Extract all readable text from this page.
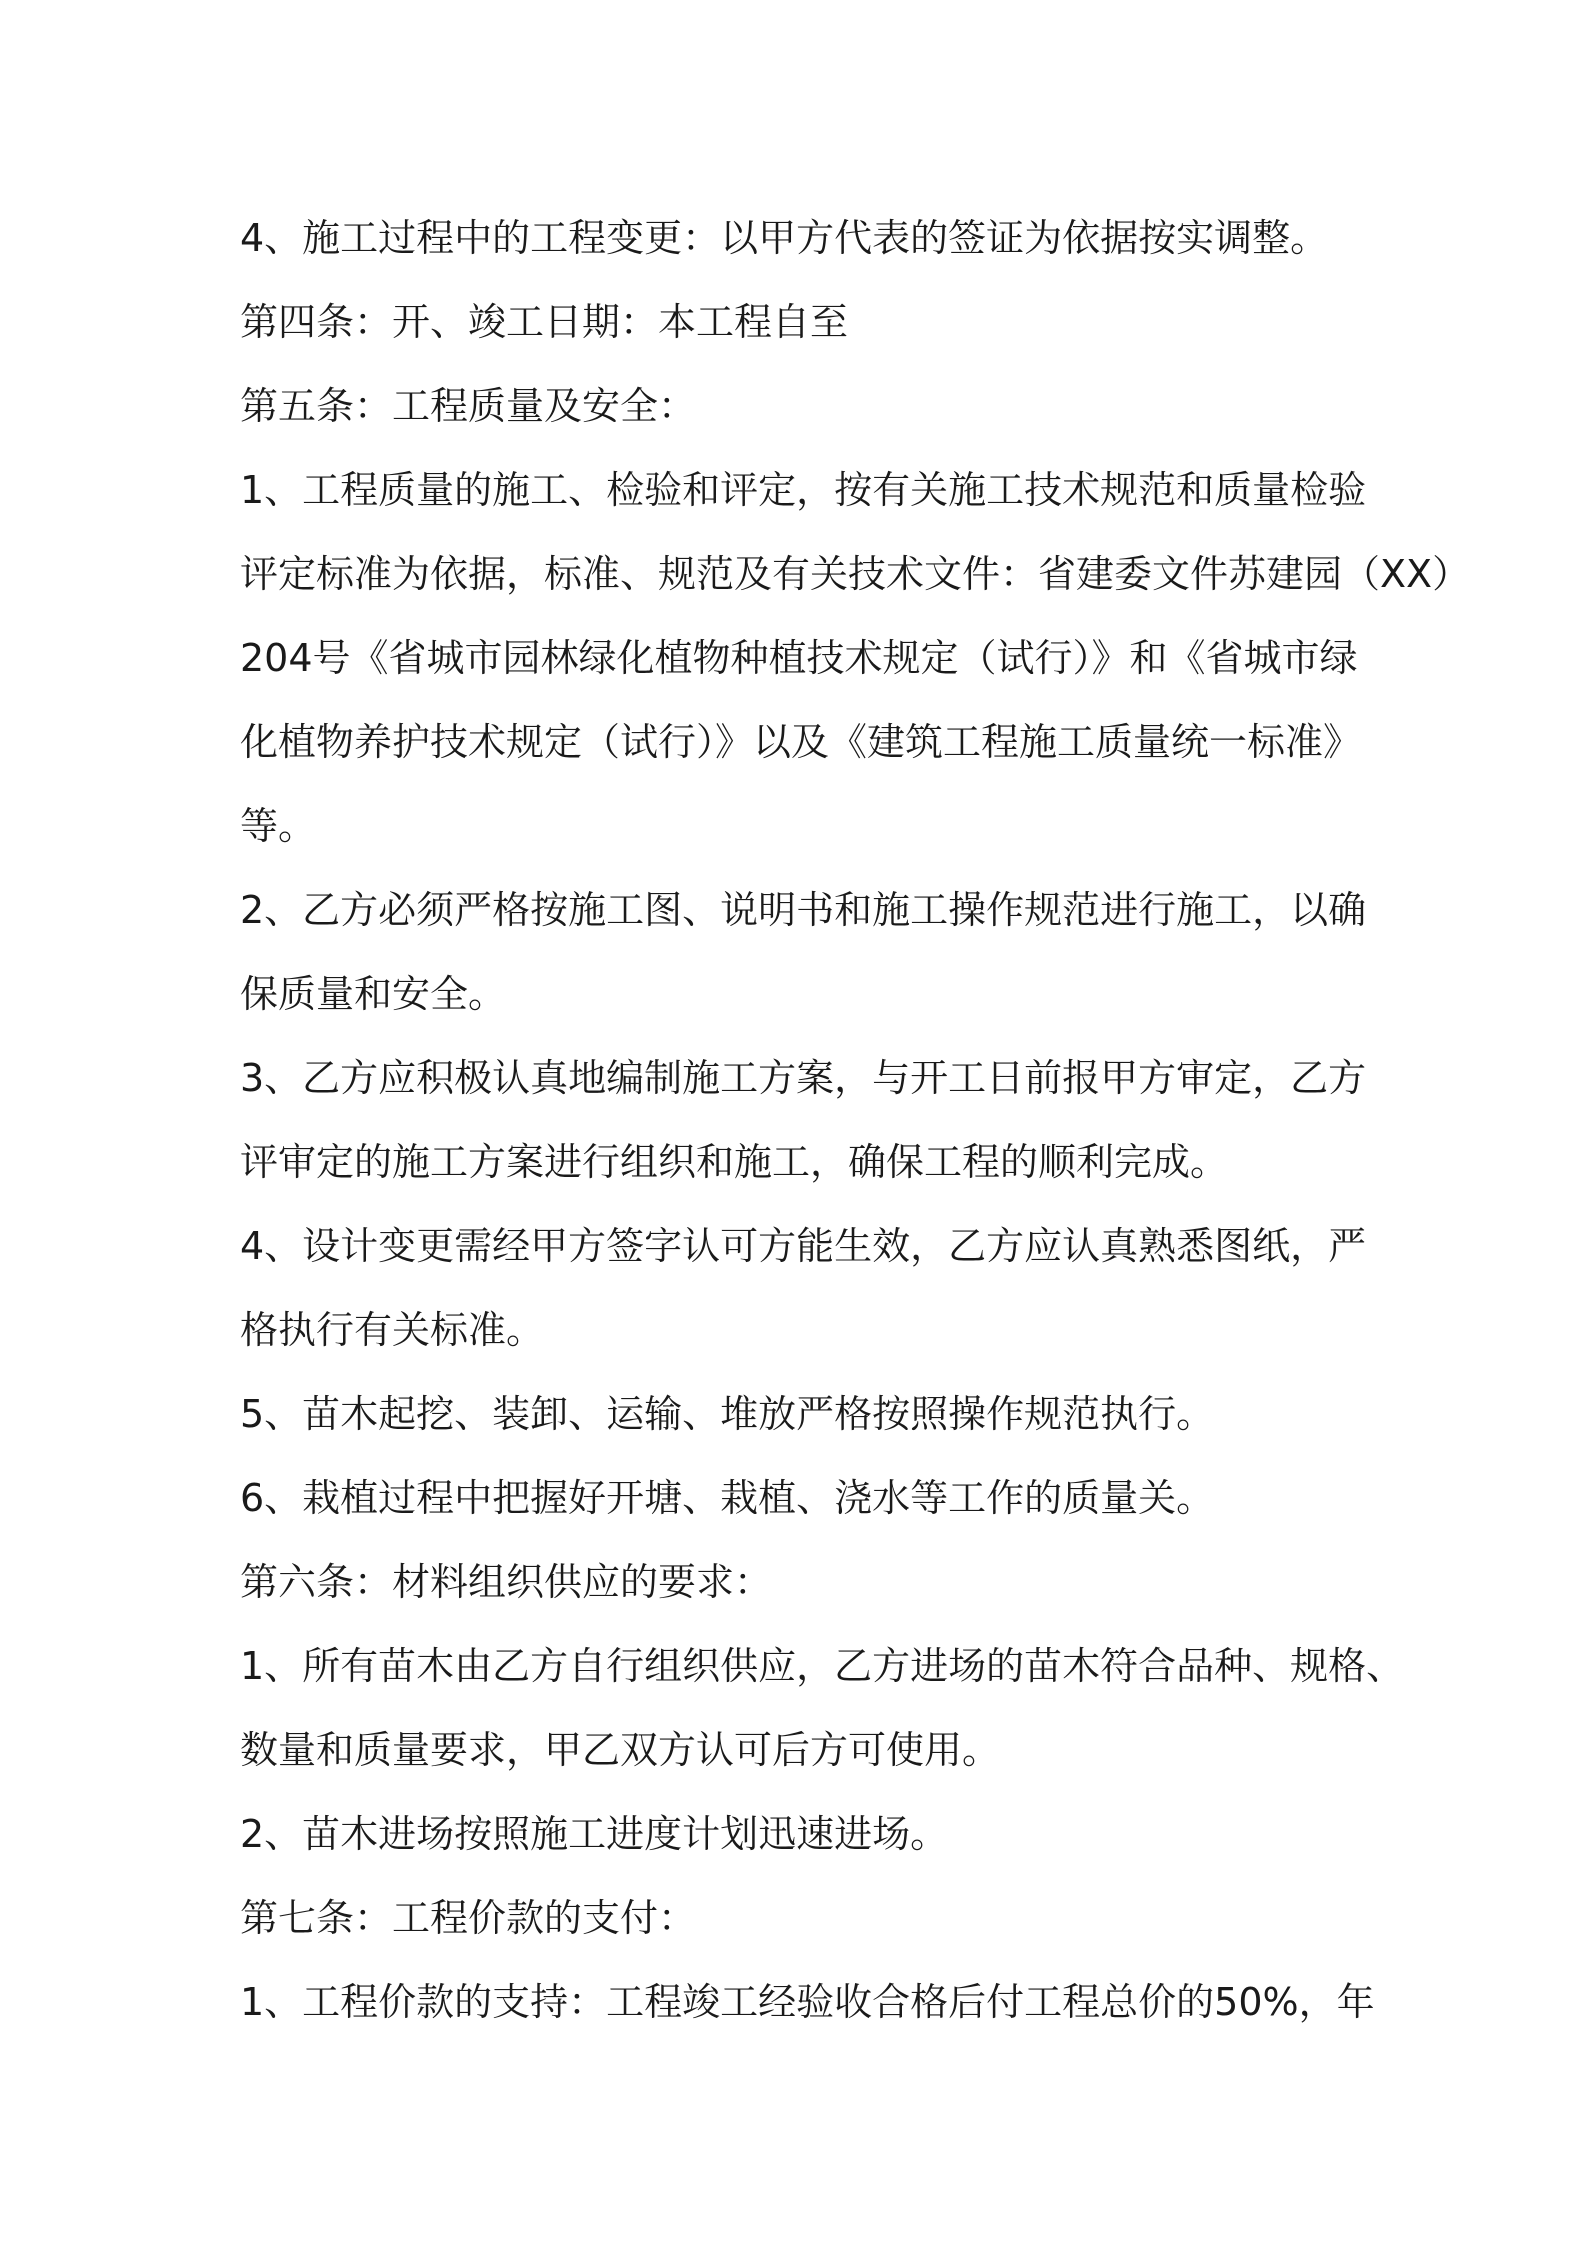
4、施工过程中的工程变更：以甲方代表的签证为依据按实调整。
第四条：开、竣工日期：本工程自至
第五条：工程质量及安全：
1、工程质量的施工、检验和评定，按有关施工技术规范和质量检验
评定标准为依据，标准、规范及有关技术文件：省建委文件苏建园（XX）
204号《省城市园林绿化植物种植技术规定（试行）》和《省城市绿
化植物养护技术规定（试行）》以及《建筑工程施工质量统一标准》
等。
2、乙方必须严格按施工图、说明书和施工操作规范进行施工，以确
保质量和安全。
3、乙方应积极认真地编制施工方案，与开工日前报甲方审定，乙方
评审定的施工方案进行组织和施工，确保工程的顺利完成。
4、设计变更需经甲方签字认可方能生效，乙方应认真熟悉图纸，严
格执行有关标准。
5、苗木起挖、装卸、运输、堆放严格按照操作规范执行。
6、栽植过程中把握好开塘、栽植、浇水等工作的质量关。
第六条：材料组织供应的要求：
1、所有苗木由乙方自行组织供应，乙方进场的苗木符合品种、规格、
数量和质量要求，甲乙双方认可后方可使用。
2、苗木进场按照施工进度计划迅速进场。
第七条：工程价款的支付：
1、工程价款的支持：工程竣工经验收合格后付工程总价的50%，年
